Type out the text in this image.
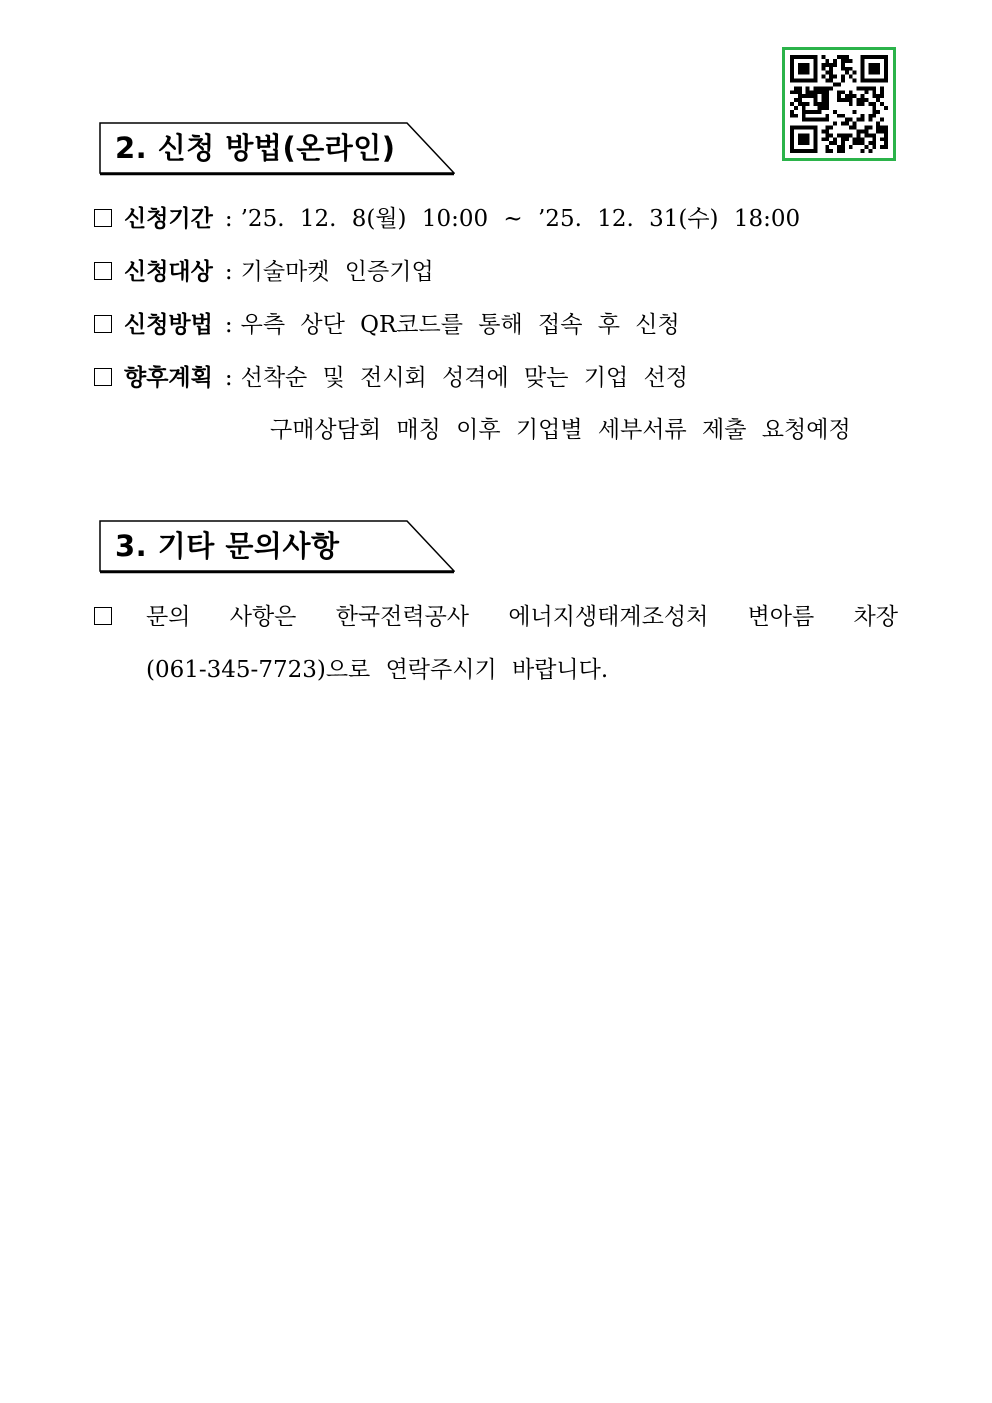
2. 신청 방법(온라인)
신청기간 : ’25. 12. 8(월) 10:00 ~ ’25. 12. 31(수) 18:00
신청대상 : 기술마켓 인증기업
신청방법 : 우측 상단 QR코드를 통해 접속 후 신청
향후계획 : 선착순 및 전시회 성격에 맞는 기업 선정
구매상담회 매칭 이후 기업별 세부서류 제출 요청예정
3. 기타 문의사항
문의 사항은 한국전력공사 에너지생태계조성처 변아름 차장
(061-345-7723)으로 연락주시기 바랍니다.
